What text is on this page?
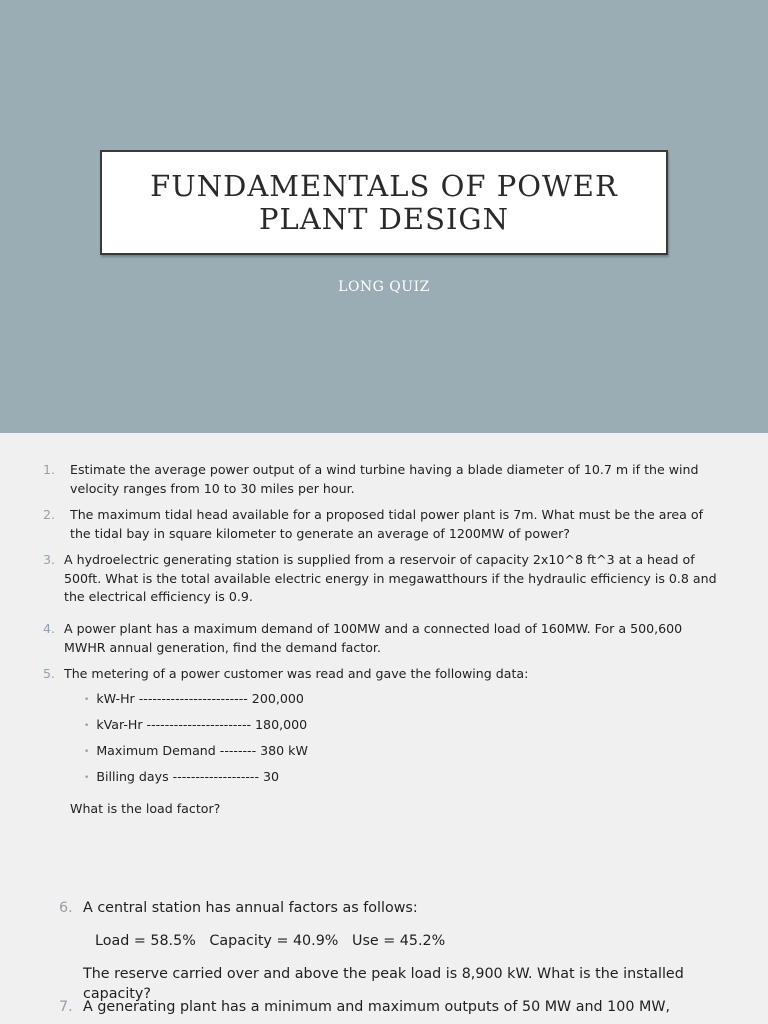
FUNDAMENTALS OF POWER PLANT DESIGN
LONG QUIZ
1. Estimate the average power output of a wind turbine having a blade diameter of 10.7 m if the wind velocity ranges from 10 to 30 miles per hour.
2. The maximum tidal head available for a proposed tidal power plant is 7m. What must be the area of the tidal bay in square kilometer to generate an average of 1200MW of power?
3. A hydroelectric generating station is supplied from a reservoir of capacity 2x10^8 ft^3 at a head of 500ft. What is the total available electric energy in megawatthours if the hydraulic efficiency is 0.8 and the electrical efficiency is 0.9.
4. A power plant has a maximum demand of 100MW and a connected load of 160MW. For a 500,600 MWHR annual generation, find the demand factor.
5. The metering of a power customer was read and gave the following data:
• kW-Hr ------------------------ 200,000
• kVar-Hr ----------------------- 180,000
• Maximum Demand -------- 380 kW
• Billing days ------------------- 30
What is the load factor?
6. A central station has annual factors as follows:
Load = 58.5%   Capacity = 40.9%   Use = 45.2%
The reserve carried over and above the peak load is 8,900 kW. What is the installed capacity?
7. A generating plant has a minimum and maximum outputs of 50 MW and 100 MW,
